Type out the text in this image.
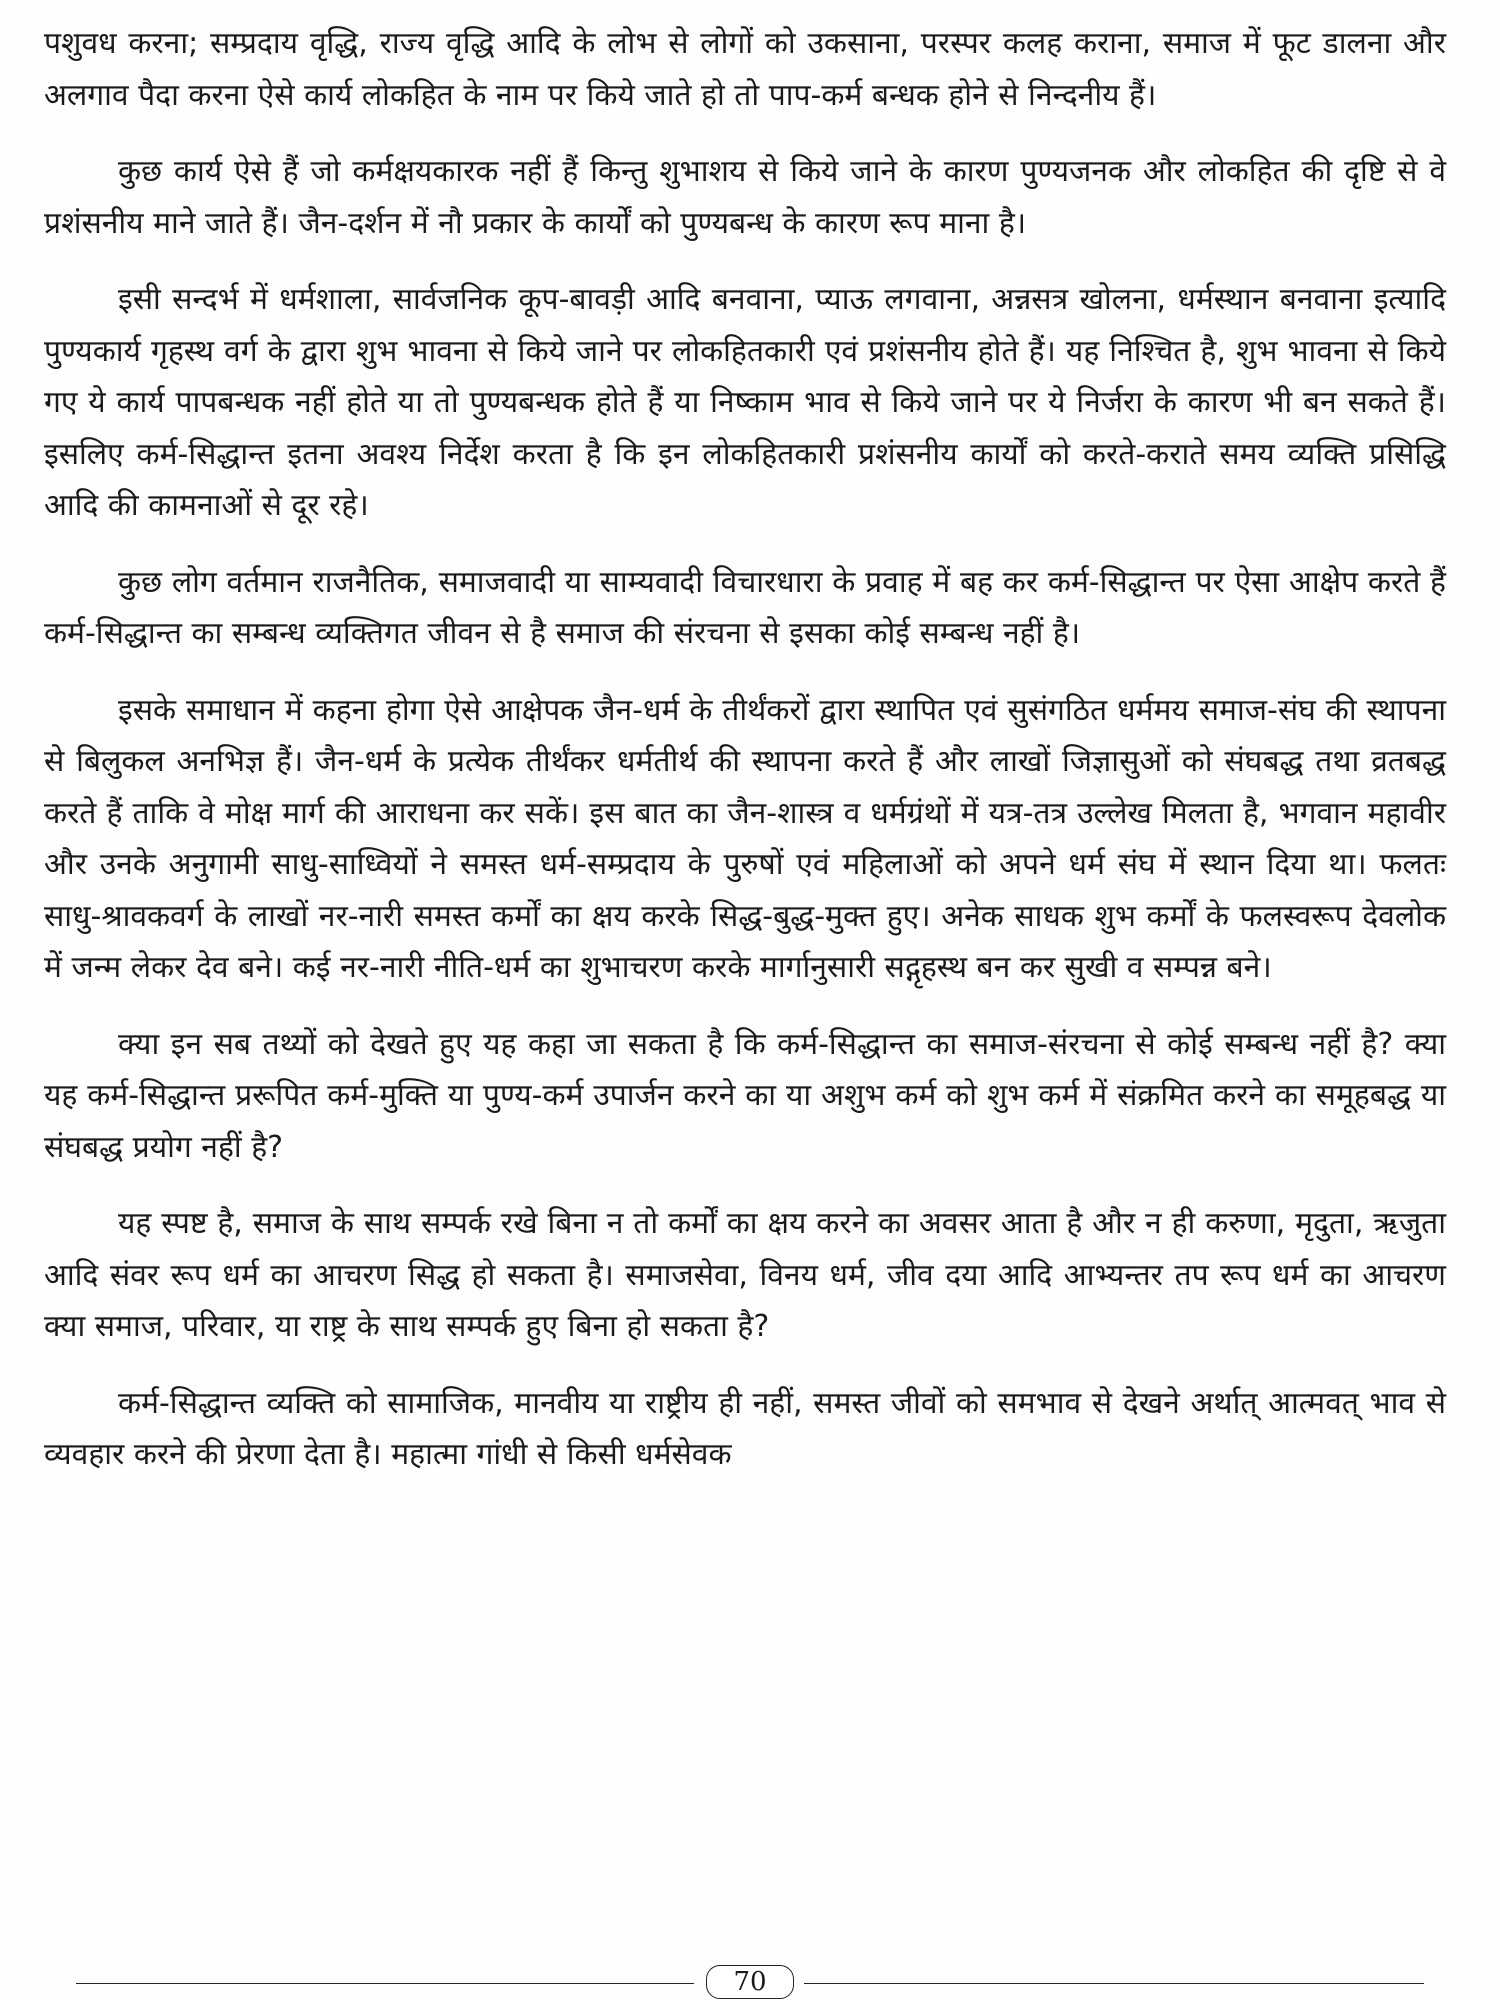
पशुवध करना; सम्प्रदाय वृद्धि, राज्य वृद्धि आदि के लोभ से लोगों को उकसाना, परस्पर कलह कराना, समाज में फूट डालना और अलगाव पैदा करना ऐसे कार्य लोकहित के नाम पर किये जाते हो तो पाप-कर्म बन्धक होने से निन्दनीय हैं।

कुछ कार्य ऐसे हैं जो कर्मक्षयकारक नहीं हैं किन्तु शुभाशय से किये जाने के कारण पुण्यजनक और लोकहित की दृष्टि से वे प्रशंसनीय माने जाते हैं। जैन-दर्शन में नौ प्रकार के कार्यों को पुण्यबन्ध के कारण रूप माना है।

इसी सन्दर्भ में धर्मशाला, सार्वजनिक कूप-बावड़ी आदि बनवाना, प्याऊ लगवाना, अन्नसत्र खोलना, धर्मस्थान बनवाना इत्यादि पुण्यकार्य गृहस्थ वर्ग के द्वारा शुभ भावना से किये जाने पर लोकहितकारी एवं प्रशंसनीय होते हैं। यह निश्चित है, शुभ भावना से किये गए ये कार्य पापबन्धक नहीं होते या तो पुण्यबन्धक होते हैं या निष्काम भाव से किये जाने पर ये निर्जरा के कारण भी बन सकते हैं। इसलिए कर्म-सिद्धान्त इतना अवश्य निर्देश करता है कि इन लोकहितकारी प्रशंसनीय कार्यों को करते-कराते समय व्यक्ति प्रसिद्धि आदि की कामनाओं से दूर रहे।

कुछ लोग वर्तमान राजनैतिक, समाजवादी या साम्यवादी विचारधारा के प्रवाह में बह कर कर्म-सिद्धान्त पर ऐसा आक्षेप करते हैं कर्म-सिद्धान्त का सम्बन्ध व्यक्तिगत जीवन से है समाज की संरचना से इसका कोई सम्बन्ध नहीं है।

इसके समाधान में कहना होगा ऐसे आक्षेपक जैन-धर्म के तीर्थंकरों द्वारा स्थापित एवं सुसंगठित धर्ममय समाज-संघ की स्थापना से बिलुकल अनभिज्ञ हैं। जैन-धर्म के प्रत्येक तीर्थंकर धर्मतीर्थ की स्थापना करते हैं और लाखों जिज्ञासुओं को संघबद्ध तथा व्रतबद्ध करते हैं ताकि वे मोक्ष मार्ग की आराधना कर सकें। इस बात का जैन-शास्त्र व धर्मग्रंथों में यत्र-तत्र उल्लेख मिलता है, भगवान महावीर और उनके अनुगामी साधु-साध्वियों ने समस्त धर्म-सम्प्रदाय के पुरुषों एवं महिलाओं को अपने धर्म संघ में स्थान दिया था। फलतः साधु-श्रावकवर्ग के लाखों नर-नारी समस्त कर्मों का क्षय करके सिद्ध-बुद्ध-मुक्त हुए। अनेक साधक शुभ कर्मों के फलस्वरूप देवलोक में जन्म लेकर देव बने। कई नर-नारी नीति-धर्म का शुभाचरण करके मार्गानुसारी सद्गृहस्थ बन कर सुखी व सम्पन्न बने।

क्या इन सब तथ्यों को देखते हुए यह कहा जा सकता है कि कर्म-सिद्धान्त का समाज-संरचना से कोई सम्बन्ध नहीं है? क्या यह कर्म-सिद्धान्त प्ररूपित कर्म-मुक्ति या पुण्य-कर्म उपार्जन करने का या अशुभ कर्म को शुभ कर्म में संक्रमित करने का समूहबद्ध या संघबद्ध प्रयोग नहीं है?

यह स्पष्ट है, समाज के साथ सम्पर्क रखे बिना न तो कर्मों का क्षय करने का अवसर आता है और न ही करुणा, मृदुता, ऋजुता आदि संवर रूप धर्म का आचरण सिद्ध हो सकता है। समाजसेवा, विनय धर्म, जीव दया आदि आभ्यन्तर तप रूप धर्म का आचरण क्या समाज, परिवार, या राष्ट्र के साथ सम्पर्क हुए बिना हो सकता है?

कर्म-सिद्धान्त व्यक्ति को सामाजिक, मानवीय या राष्ट्रीय ही नहीं, समस्त जीवों को समभाव से देखने अर्थात् आत्मवत् भाव से व्यवहार करने की प्रेरणा देता है। महात्मा गांधी से किसी धर्मसेवक

70
